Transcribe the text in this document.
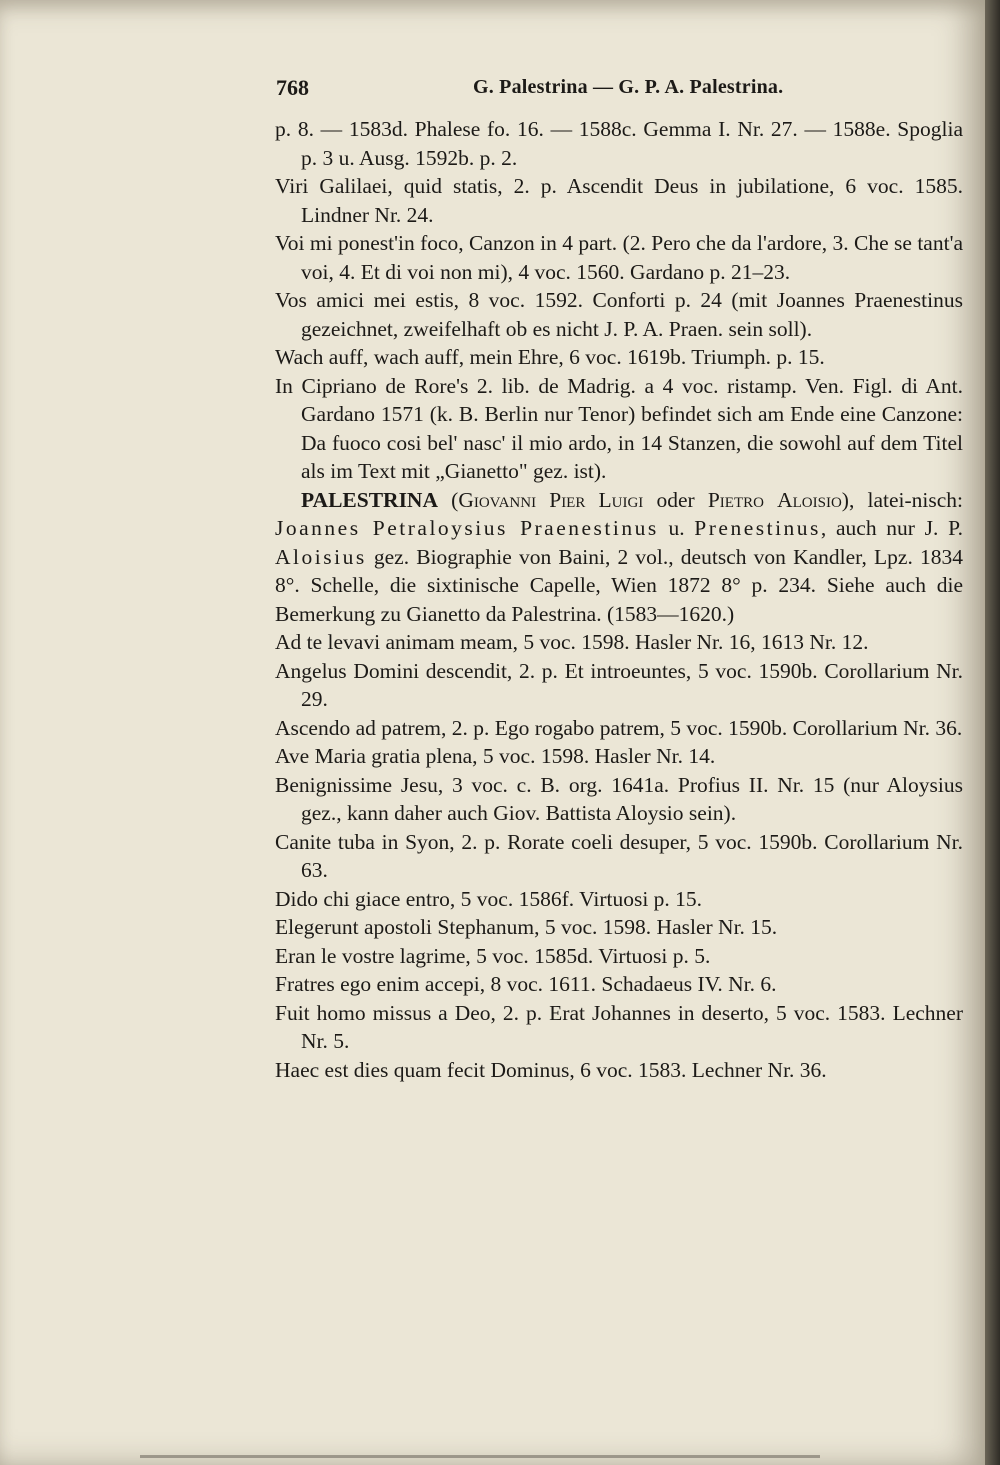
768	G. Palestrina — G. P. A. Palestrina.

p. 8. — 1583d. Phalese fo. 16. — 1588c. Gemma I. Nr. 27. — 1588e. Spoglia p. 3 u. Ausg. 1592b. p. 2.

Viri Galilaei, quid statis, 2. p. Ascendit Deus in jubilatione, 6 voc. 1585. Lindner Nr. 24.

Voi mi ponest'in foco, Canzon in 4 part. (2. Pero che da l'ardore, 3. Che se tant'a voi, 4. Et di voi non mi), 4 voc. 1560. Gardano p. 21–23.

Vos amici mei estis, 8 voc. 1592. Conforti p. 24 (mit Joannes Praenestinus gezeichnet, zweifelhaft ob es nicht J. P. A. Praen. sein soll).

Wach auff, wach auff, mein Ehre, 6 voc. 1619b. Triumph. p. 15.

In Cipriano de Rore's 2. lib. de Madrig. a 4 voc. ristamp. Ven. Figl. di Ant. Gardano 1571 (k. B. Berlin nur Tenor) befindet sich am Ende eine Canzone: Da fuoco cosi bel' nasc' il mio ardo, in 14 Stanzen, die sowohl auf dem Titel als im Text mit „Gianetto" gez. ist).

PALESTRINA (Giovanni Pier Luigi oder Pietro Aloisio), latei-nisch: Joannes Petraloysius Praenestinus u. Prenestinus, auch nur J. P. Aloisius gez. Biographie von Baini, 2 vol., deutsch von Kandler, Lpz. 1834 8°. Schelle, die sixtinische Capelle, Wien 1872 8° p. 234. Siehe auch die Bemerkung zu Gianetto da Palestrina. (1583—1620.)

Ad te levavi animam meam, 5 voc. 1598. Hasler Nr. 16, 1613 Nr. 12.

Angelus Domini descendit, 2. p. Et introeuntes, 5 voc. 1590b. Corollarium Nr. 29.

Ascendo ad patrem, 2. p. Ego rogabo patrem, 5 voc. 1590b. Corollarium Nr. 36.

Ave Maria gratia plena, 5 voc. 1598. Hasler Nr. 14.

Benignissime Jesu, 3 voc. c. B. org. 1641a. Profius II. Nr. 15 (nur Aloysius gez., kann daher auch Giov. Battista Aloysio sein).

Canite tuba in Syon, 2. p. Rorate coeli desuper, 5 voc. 1590b. Corollarium Nr. 63.

Dido chi giace entro, 5 voc. 1586f. Virtuosi p. 15.

Elegerunt apostoli Stephanum, 5 voc. 1598. Hasler Nr. 15.

Eran le vostre lagrime, 5 voc. 1585d. Virtuosi p. 5.

Fratres ego enim accepi, 8 voc. 1611. Schadaeus IV. Nr. 6.

Fuit homo missus a Deo, 2. p. Erat Johannes in deserto, 5 voc. 1583. Lechner Nr. 5.

Haec est dies quam fecit Dominus, 6 voc. 1583. Lechner Nr. 36.
